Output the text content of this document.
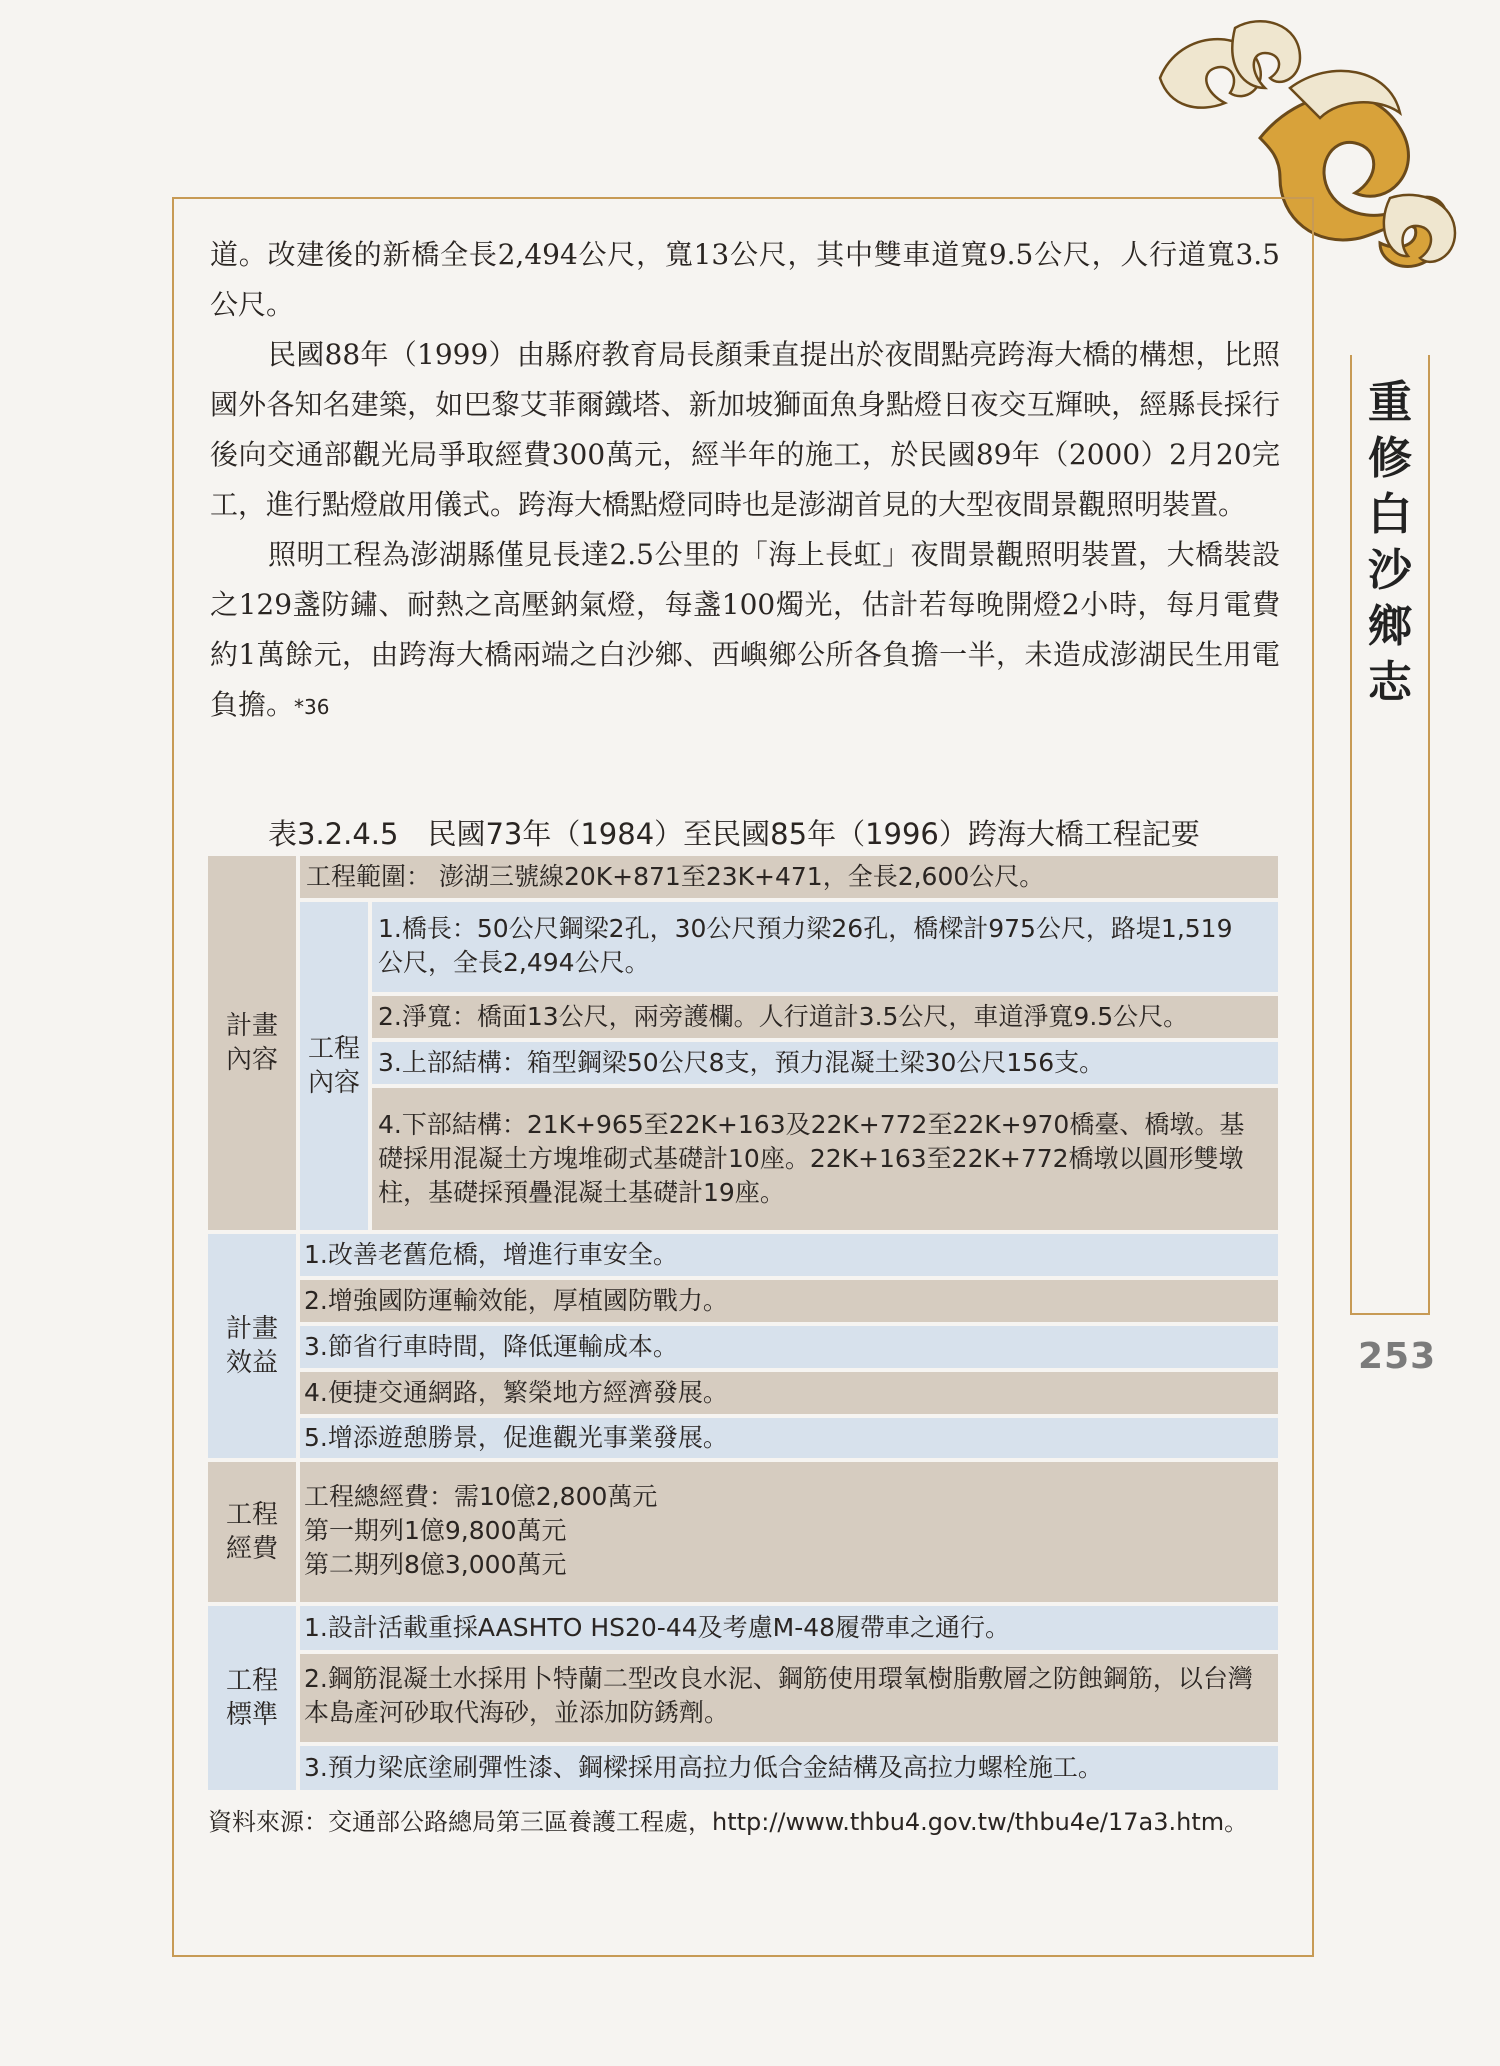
重修白沙鄉志
253

道。改建後的新橋全長2,494公尺，寬13公尺，其中雙車道寬9.5公尺，人行道寬3.5公尺。

民國88年（1999）由縣府教育局長顏秉直提出於夜間點亮跨海大橋的構想，比照國外各知名建築，如巴黎艾菲爾鐵塔、新加坡獅面魚身點燈日夜交互輝映，經縣長採行後向交通部觀光局爭取經費300萬元，經半年的施工，於民國89年（2000）2月20完工，進行點燈啟用儀式。跨海大橋點燈同時也是澎湖首見的大型夜間景觀照明裝置。

照明工程為澎湖縣僅見長達2.5公里的「海上長虹」夜間景觀照明裝置，大橋裝設之129盞防鏽、耐熱之高壓鈉氣燈，每盞100燭光，估計若每晚開燈2小時，每月電費約1萬餘元，由跨海大橋兩端之白沙鄉、西嶼鄉公所各負擔一半，未造成澎湖民生用電負擔。*36

表3.2.4.5　民國73年（1984）至民國85年（1996）跨海大橋工程記要
計畫內容
工程範圍： 澎湖三號線20K+871至23K+471，全長2,600公尺。
工程內容
1.橋長：50公尺鋼梁2孔，30公尺預力梁26孔，橋樑計975公尺，路堤1,519公尺，全長2,494公尺。
2.淨寬：橋面13公尺，兩旁護欄。人行道計3.5公尺，車道淨寬9.5公尺。
3.上部結構：箱型鋼梁50公尺8支，預力混凝土梁30公尺156支。
4.下部結構：21K+965至22K+163及22K+772至22K+970橋臺、橋墩。基礎採用混凝土方塊堆砌式基礎計10座。22K+163至22K+772橋墩以圓形雙墩柱，基礎採預疊混凝土基礎計19座。
計畫效益
1.改善老舊危橋，增進行車安全。
2.增強國防運輸效能，厚植國防戰力。
3.節省行車時間，降低運輸成本。
4.便捷交通網路，繁榮地方經濟發展。
5.增添遊憩勝景，促進觀光事業發展。
工程經費
工程總經費：需10億2,800萬元
第一期列1億9,800萬元
第二期列8億3,000萬元
工程標準
1.設計活載重採AASHTO HS20-44及考慮M-48履帶車之通行。
2.鋼筋混凝土水採用卜特蘭二型改良水泥、鋼筋使用環氧樹脂敷層之防蝕鋼筋，以台灣本島產河砂取代海砂，並添加防銹劑。
3.預力梁底塗刷彈性漆、鋼樑採用高拉力低合金結構及高拉力螺栓施工。
資料來源：交通部公路總局第三區養護工程處，http://www.thbu4.gov.tw/thbu4e/17a3.htm。
